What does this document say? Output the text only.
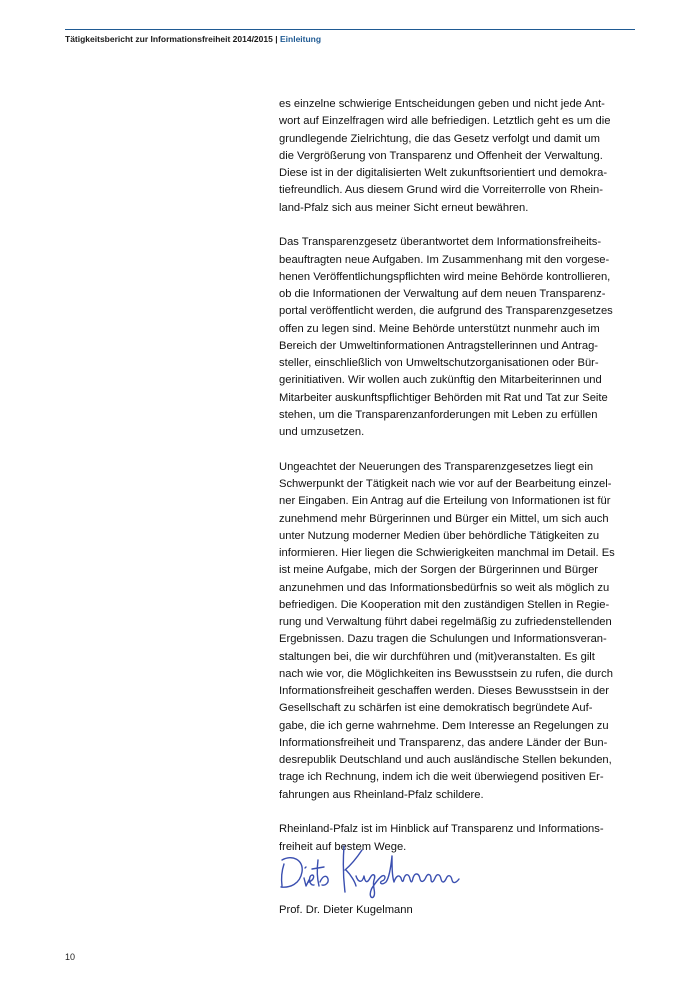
Tätigkeitsbericht zur Informationsfreiheit 2014/2015 | Einleitung

es einzelne schwierige Entscheidungen geben und nicht jede Ant-
wort auf Einzelfragen wird alle befriedigen. Letztlich geht es um die
grundlegende Zielrichtung, die das Gesetz verfolgt und damit um
die Vergrößerung von Transparenz und Offenheit der Verwaltung.
Diese ist in der digitalisierten Welt zukunftsorientiert und demokra-
tiefreundlich. Aus diesem Grund wird die Vorreiterrolle von Rhein-
land-Pfalz sich aus meiner Sicht erneut bewähren.

Das Transparenzgesetz überantwortet dem Informationsfreiheits-
beauftragten neue Aufgaben. Im Zusammenhang mit den vorgese-
henen Veröffentlichungspflichten wird meine Behörde kontrollieren,
ob die Informationen der Verwaltung auf dem neuen Transparenz-
portal veröffentlicht werden, die aufgrund des Transparenzgesetzes
offen zu legen sind. Meine Behörde unterstützt nunmehr auch im
Bereich der Umweltinformationen Antragstellerinnen und Antrag-
steller, einschließlich von Umweltschutzorganisationen oder Bür-
gerinitiativen. Wir wollen auch zukünftig den Mitarbeiterinnen und
Mitarbeiter auskunftspflichtiger Behörden mit Rat und Tat zur Seite
stehen, um die Transparenzanforderungen mit Leben zu erfüllen
und umzusetzen.

Ungeachtet der Neuerungen des Transparenzgesetzes liegt ein
Schwerpunkt der Tätigkeit nach wie vor auf der Bearbeitung einzel-
ner Eingaben. Ein Antrag auf die Erteilung von Informationen ist für
zunehmend mehr Bürgerinnen und Bürger ein Mittel, um sich auch
unter Nutzung moderner Medien über behördliche Tätigkeiten zu
informieren. Hier liegen die Schwierigkeiten manchmal im Detail. Es
ist meine Aufgabe, mich der Sorgen der Bürgerinnen und Bürger
anzunehmen und das Informationsbedürfnis so weit als möglich zu
befriedigen. Die Kooperation mit den zuständigen Stellen in Regie-
rung und Verwaltung führt dabei regelmäßig zu zufriedenstellenden
Ergebnissen. Dazu tragen die Schulungen und Informationsveran-
staltungen bei, die wir durchführen und (mit)veranstalten. Es gilt
nach wie vor, die Möglichkeiten ins Bewusstsein zu rufen, die durch
Informationsfreiheit geschaffen werden. Dieses Bewusstsein in der
Gesellschaft zu schärfen ist eine demokratisch begründete Auf-
gabe, die ich gerne wahrnehme. Dem Interesse an Regelungen zu
Informationsfreiheit und Transparenz, das andere Länder der Bun-
desrepublik Deutschland und auch ausländische Stellen bekunden,
trage ich Rechnung, indem ich die weit überwiegend positiven Er-
fahrungen aus Rheinland-Pfalz schildere.

Rheinland-Pfalz ist im Hinblick auf Transparenz und Informations-
freiheit auf bestem Wege.

Prof. Dr. Dieter Kugelmann
10
